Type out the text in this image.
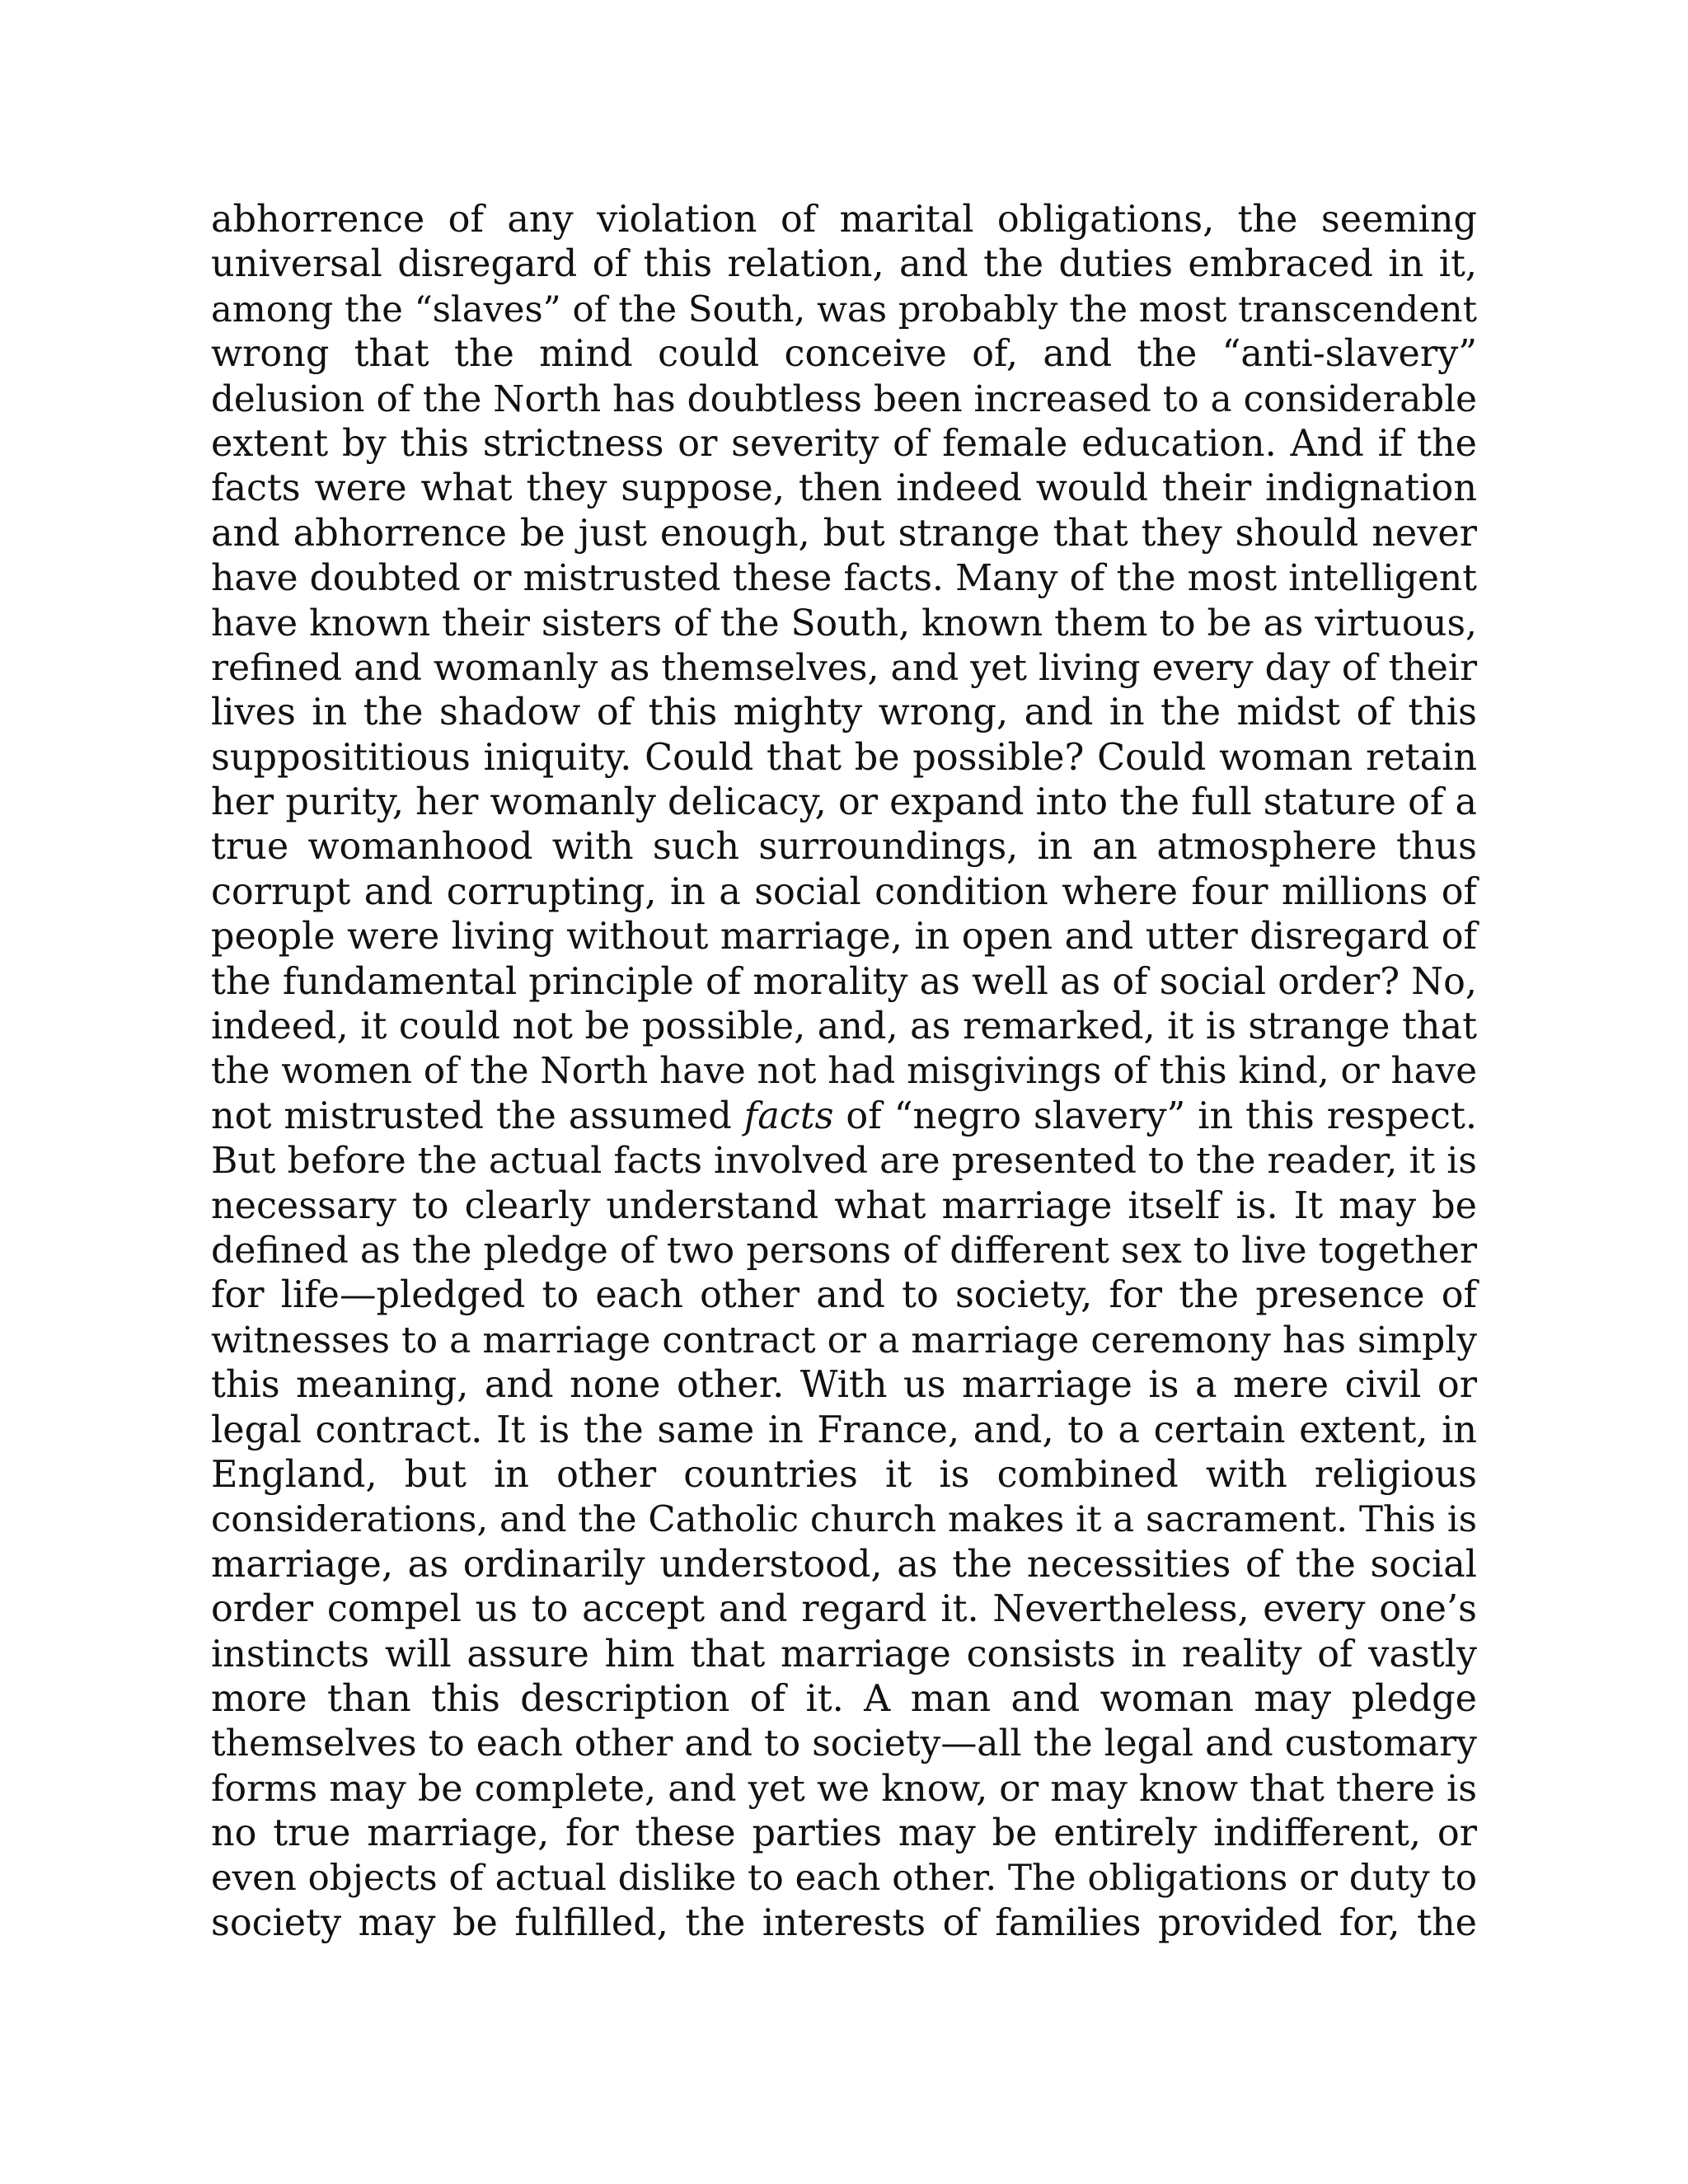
abhorrence of any violation of marital obligations, the seeming
universal disregard of this relation, and the duties embraced in it,
among the “slaves” of the South, was probably the most transcendent
wrong that the mind could conceive of, and the “anti-slavery”
delusion of the North has doubtless been increased to a considerable
extent by this strictness or severity of female education. And if the
facts were what they suppose, then indeed would their indignation
and abhorrence be just enough, but strange that they should never
have doubted or mistrusted these facts. Many of the most intelligent
have known their sisters of the South, known them to be as virtuous,
refined and womanly as themselves, and yet living every day of their
lives in the shadow of this mighty wrong, and in the midst of this
supposititious iniquity. Could that be possible? Could woman retain
her purity, her womanly delicacy, or expand into the full stature of a
true womanhood with such surroundings, in an atmosphere thus
corrupt and corrupting, in a social condition where four millions of
people were living without marriage, in open and utter disregard of
the fundamental principle of morality as well as of social order? No,
indeed, it could not be possible, and, as remarked, it is strange that
the women of the North have not had misgivings of this kind, or have
not mistrusted the assumed facts of “negro slavery” in this respect.
But before the actual facts involved are presented to the reader, it is
necessary to clearly understand what marriage itself is. It may be
defined as the pledge of two persons of different sex to live together
for life—pledged to each other and to society, for the presence of
witnesses to a marriage contract or a marriage ceremony has simply
this meaning, and none other. With us marriage is a mere civil or
legal contract. It is the same in France, and, to a certain extent, in
England, but in other countries it is combined with religious
considerations, and the Catholic church makes it a sacrament. This is
marriage, as ordinarily understood, as the necessities of the social
order compel us to accept and regard it. Nevertheless, every one’s
instincts will assure him that marriage consists in reality of vastly
more than this description of it. A man and woman may pledge
themselves to each other and to society—all the legal and customary
forms may be complete, and yet we know, or may know that there is
no true marriage, for these parties may be entirely indifferent, or
even objects of actual dislike to each other. The obligations or duty to
society may be fulfilled, the interests of families provided for, the
